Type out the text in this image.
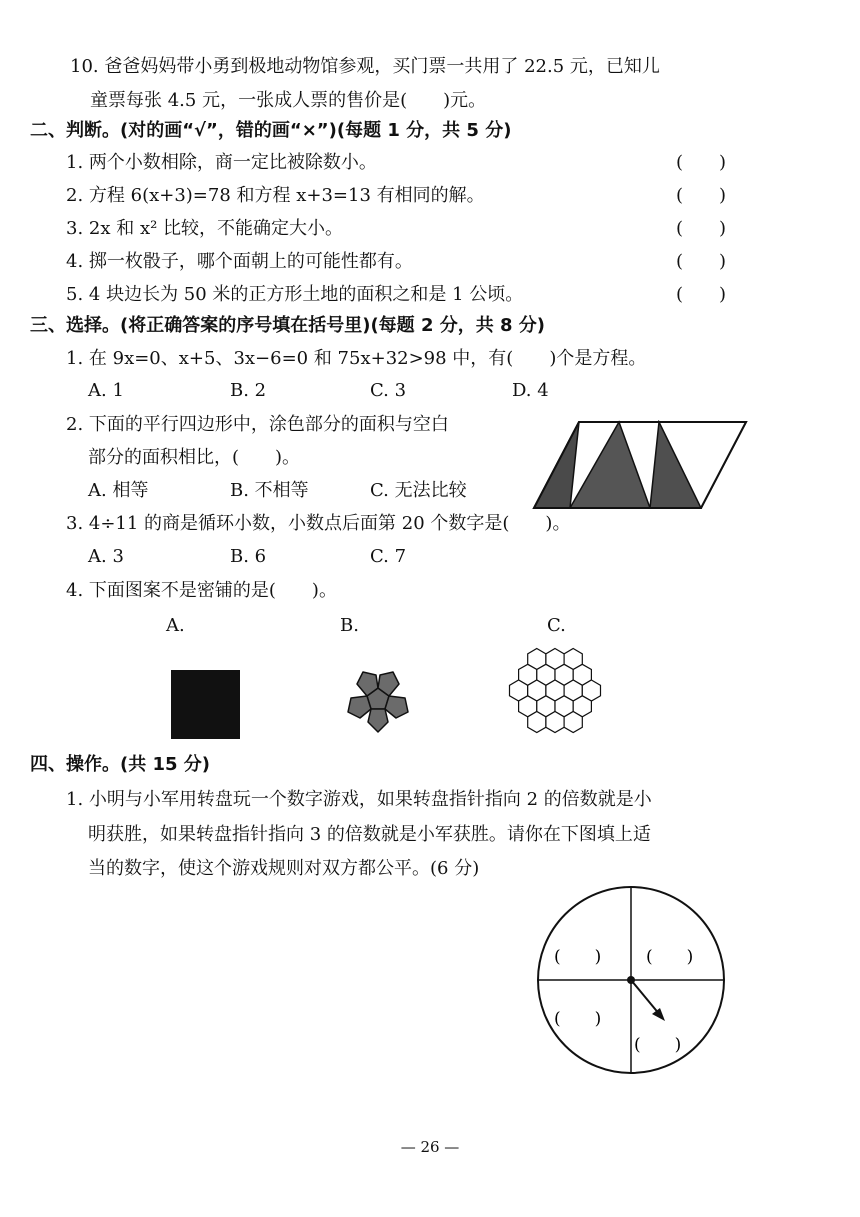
10. 爸爸妈妈带小勇到极地动物馆参观，买门票一共用了 22.5 元，已知儿
童票每张 4.5 元，一张成人票的售价是(　　)元。
二、判断。(对的画“√”，错的画“×”)(每题 1 分，共 5 分)
1. 两个小数相除，商一定比被除数小。	(　　)
2. 方程 6(x+3)=78 和方程 x+3=13 有相同的解。	(　　)
3. 2x 和 x² 比较，不能确定大小。	(　　)
4. 掷一枚骰子，哪个面朝上的可能性都有。	(　　)
5. 4 块边长为 50 米的正方形土地的面积之和是 1 公顷。	(　　)
三、选择。(将正确答案的序号填在括号里)(每题 2 分，共 8 分)
1. 在 9x=0、x+5、3x−6=0 和 75x+32>98 中，有(　　)个是方程。
A. 1	B. 2	C. 3	D. 4
2. 下面的平行四边形中，涂色部分的面积与空白
部分的面积相比，(　　)。
A. 相等	B. 不相等	C. 无法比较
3. 4÷11 的商是循环小数，小数点后面第 20 个数字是(　　)。
A. 3	B. 6	C. 7
4. 下面图案不是密铺的是(　　)。
A.	B.	C.
四、操作。(共 15 分)
1. 小明与小军用转盘玩一个数字游戏，如果转盘指针指向 2 的倍数就是小
明获胜，如果转盘指针指向 3 的倍数就是小军获胜。请你在下图填上适
当的数字，使这个游戏规则对双方都公平。(6 分)
(　　)	(　　)
(　　)
(　　)
— 26 —
